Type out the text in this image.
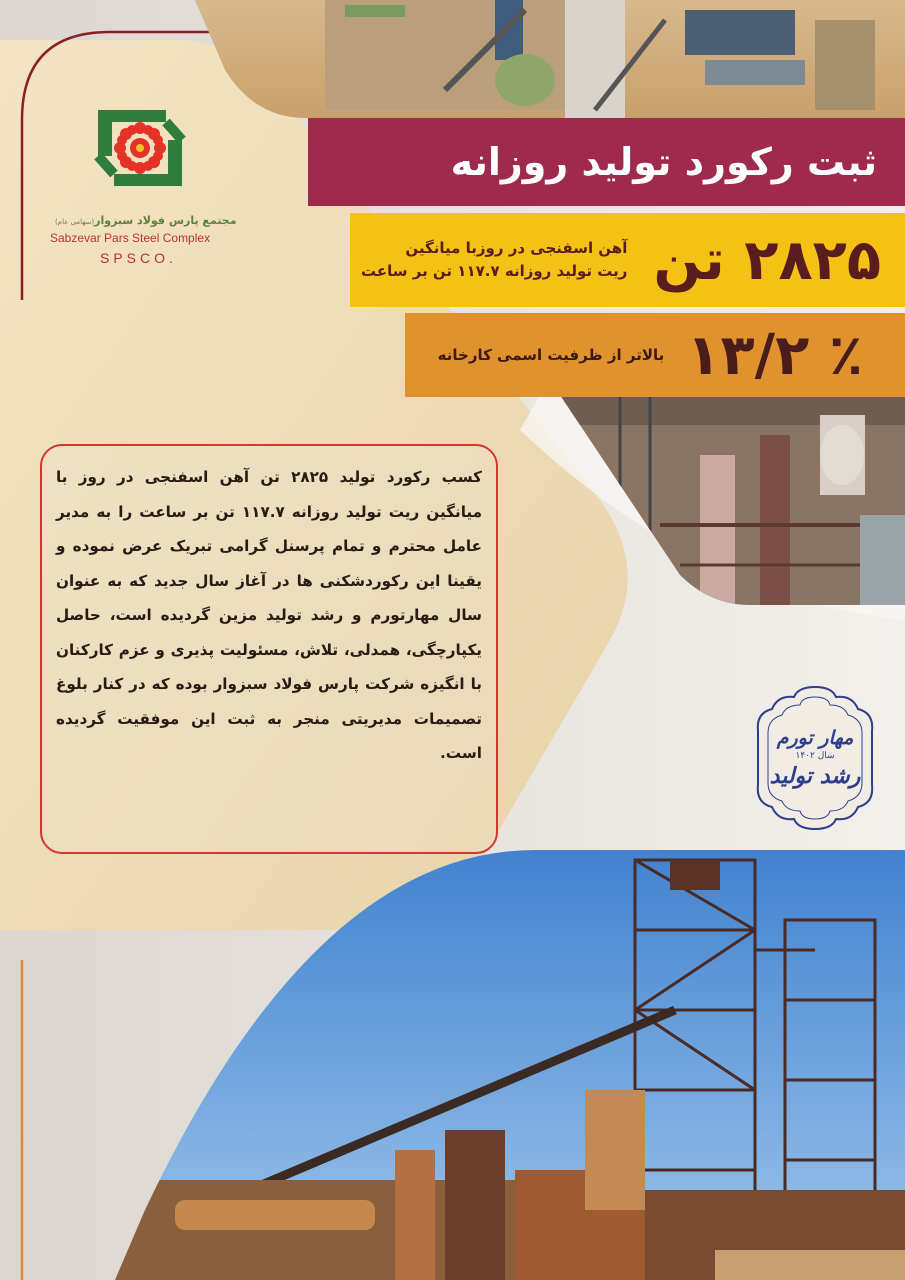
مجتمع پارس فولاد سبزوار(سهامی عام)
Sabzevar Pars Steel Complex
SPSCO.
ثبت رکورد تولید روزانه
۲۸۲۵ تن
آهن اسفنجی در روزبا میانگین
ریت تولید روزانه ۱۱۷.۷ تن بر ساعت
٪ ۱۳/۲
بالاتر از ظرفیت اسمی کارخانه

کسب رکورد تولید ۲۸۲۵ تن آهن اسفنجی در روز با میانگین ریت تولید روزانه ۱۱۷.۷ تن بر ساعت را به مدیر عامل محترم و تمام پرسنل گرامی تبریک عرض نموده و یقینا این رکوردشکنی ها در آغاز سال جدید که به عنوان سال مهارتورم و رشد تولید مزین گردیده است، حاصل یکپارچگی، همدلی، تلاش، مسئولیت پذیری و عزم کارکنان با انگیزه شرکت پارس فولاد سبزوار بوده که در کنار بلوغ تصمیمات مدیریتی منجر به ثبت این موفقیت گردیده است.

مهار تورم
سال ۱۴۰۲
رشد تولید
